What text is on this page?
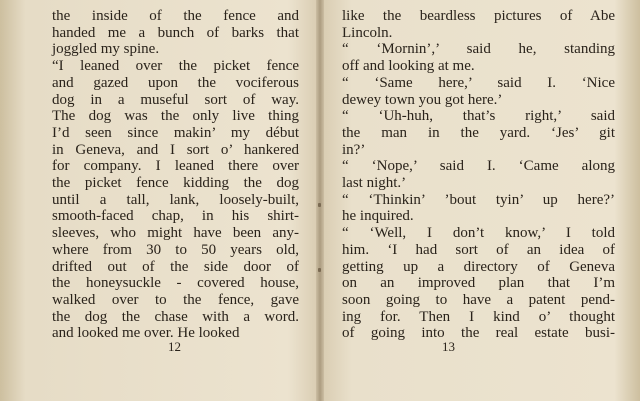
the inside of the fence and
handed me a bunch of barks that
joggled my spine.
“I leaned over the picket fence
and gazed upon the vociferous
dog in a museful sort of way.
The dog was the only live thing
I’d seen since makin’ my début
in Geneva, and I sort o’ hankered
for company. I leaned there over
the picket fence kidding the dog
until a tall, lank, loosely-built,
smooth-faced chap, in his shirt-
sleeves, who might have been any-
where from 30 to 50 years old,
drifted out of the side door of
the honeysuckle - covered house,
walked over to the fence, gave
the dog the chase with a word.
and looked me over. He looked
12
like the beardless pictures of Abe
Lincoln.
“ ‘Mornin’,’ said he, standing
off and looking at me.
“ ‘Same here,’ said I. ‘Nice
dewey town you got here.’
“ ‘Uh-huh, that’s right,’ said
the man in the yard. ‘Jes’ git
in?’
“ ‘Nope,’ said I. ‘Came along
last night.’
“ ‘Thinkin’ ’bout tyin’ up here?’
he inquired.
“ ‘Well, I don’t know,’ I told
him. ‘I had sort of an idea of
getting up a directory of Geneva
on an improved plan that I’m
soon going to have a patent pend-
ing for. Then I kind o’ thought
of going into the real estate busi-
13
